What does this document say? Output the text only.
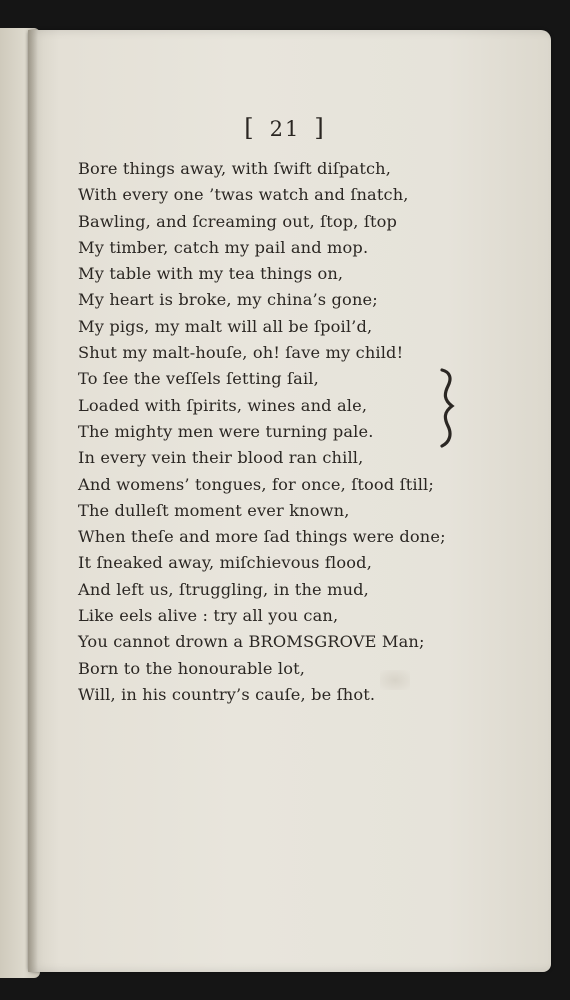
[ 21 ]
Bore things away, with ſwift diſpatch,
With every one ’twas watch and ſnatch,
Bawling, and ſcreaming out, ſtop, ſtop
My timber, catch my pail and mop.
My table with my tea things on,
My heart is broke, my china’s gone;
My pigs, my malt will all be ſpoil’d,
Shut my malt-houſe, oh! ſave my child!
To ſee the veſſels ſetting ſail,
Loaded with ſpirits, wines and ale,
The mighty men were turning pale.
In every vein their blood ran chill,
And womens’ tongues, for once, ſtood ſtill;
The dulleſt moment ever known,
When theſe and more ſad things were done;
It ſneaked away, miſchievous flood,
And left us, ſtruggling, in the mud,
Like eels alive : try all you can,
You cannot drown a BROMSGROVE Man;
Born to the honourable lot,
Will, in his country’s cauſe, be ſhot.
